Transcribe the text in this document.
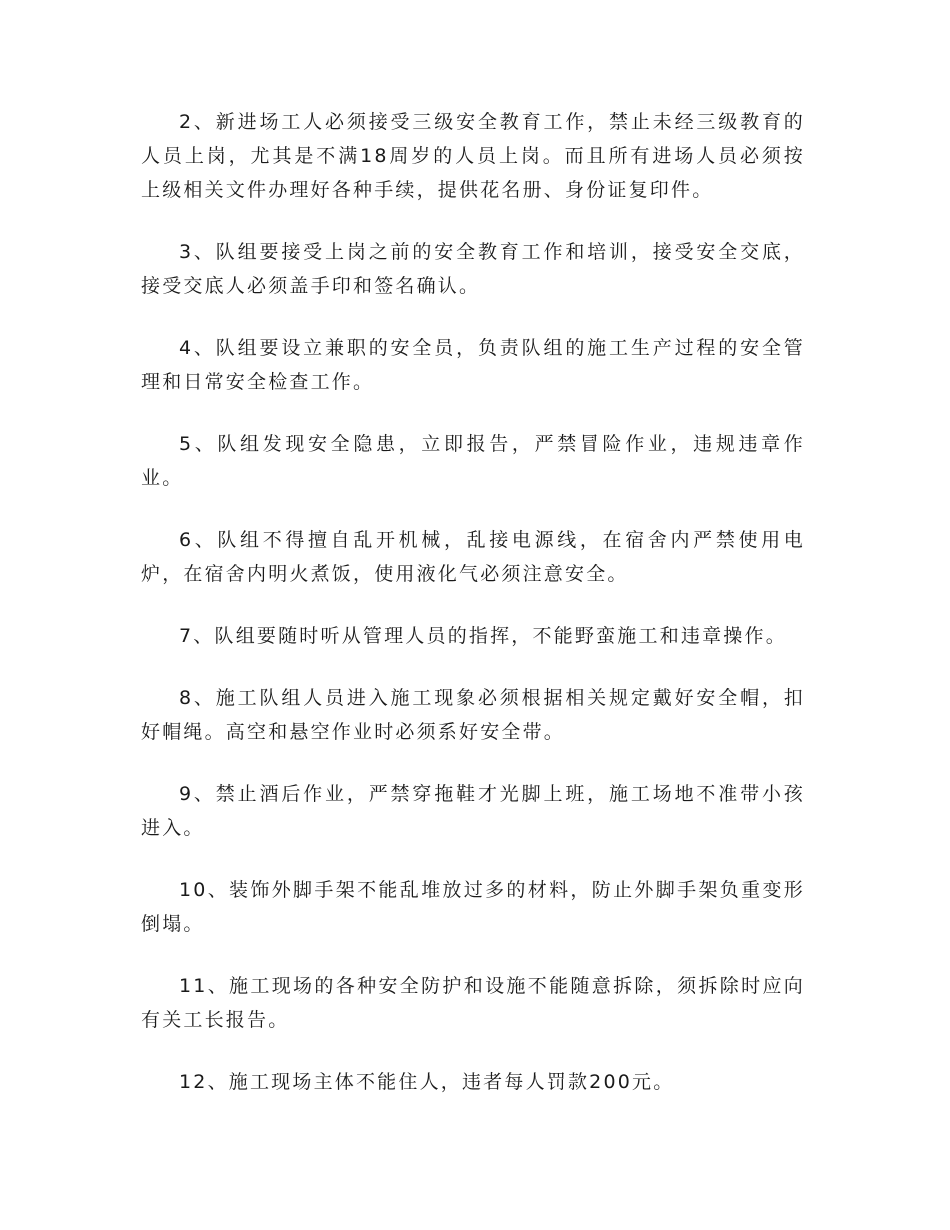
2、新进场工人必须接受三级安全教育工作，禁止未经三级教育的人员上岗，尤其是不满18周岁的人员上岗。而且所有进场人员必须按上级相关文件办理好各种手续，提供花名册、身份证复印件。

3、队组要接受上岗之前的安全教育工作和培训，接受安全交底，接受交底人必须盖手印和签名确认。

4、队组要设立兼职的安全员，负责队组的施工生产过程的安全管理和日常安全检查工作。

5、队组发现安全隐患，立即报告，严禁冒险作业，违规违章作业。

6、队组不得擅自乱开机械，乱接电源线，在宿舍内严禁使用电炉，在宿舍内明火煮饭，使用液化气必须注意安全。

7、队组要随时听从管理人员的指挥，不能野蛮施工和违章操作。

8、施工队组人员进入施工现象必须根据相关规定戴好安全帽，扣好帽绳。高空和悬空作业时必须系好安全带。

9、禁止酒后作业，严禁穿拖鞋才光脚上班，施工场地不准带小孩进入。

10、装饰外脚手架不能乱堆放过多的材料，防止外脚手架负重变形倒塌。

11、施工现场的各种安全防护和设施不能随意拆除，须拆除时应向有关工长报告。

12、施工现场主体不能住人，违者每人罚款200元。
